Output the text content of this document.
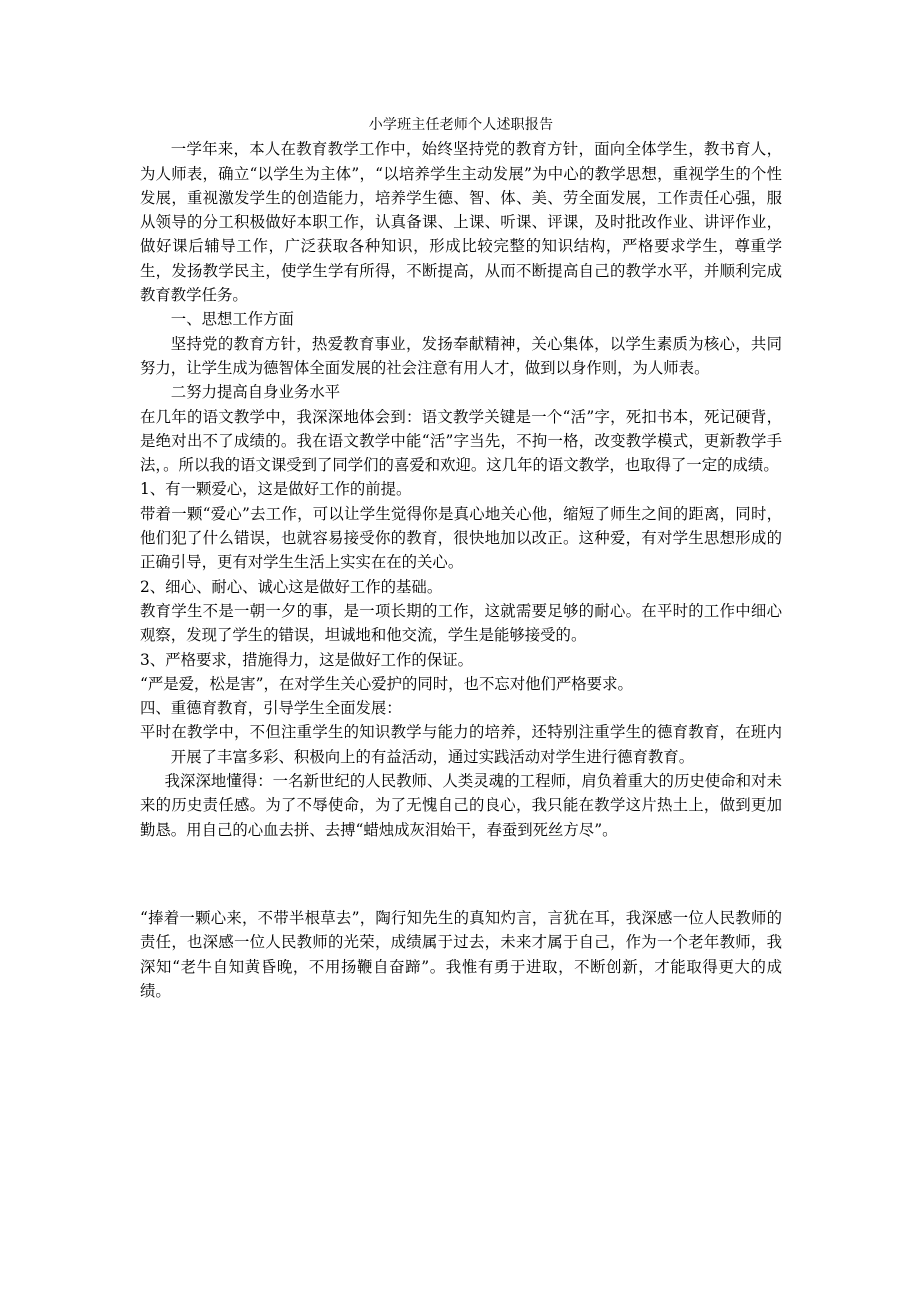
小学班主任老师个人述职报告

一学年来，本人在教育教学工作中，始终坚持党的教育方针，面向全体学生，教书育人，为人师表，确立“以学生为主体”，“以培养学生主动发展”为中心的教学思想，重视学生的个性发展，重视激发学生的创造能力，培养学生德、智、体、美、劳全面发展，工作责任心强，服从领导的分工积极做好本职工作，认真备课、上课、听课、评课，及时批改作业、讲评作业，做好课后辅导工作，广泛获取各种知识，形成比较完整的知识结构，严格要求学生，尊重学生，发扬教学民主，使学生学有所得，不断提高，从而不断提高自己的教学水平，并顺利完成教育教学任务。

一、思想工作方面

坚持党的教育方针，热爱教育事业，发扬奉献精神，关心集体，以学生素质为核心，共同努力，让学生成为德智体全面发展的社会注意有用人才，做到以身作则，为人师表。

二努力提高自身业务水平

在几年的语文教学中，我深深地体会到：语文教学关键是一个“活”字，死扣书本，死记硬背，是绝对出不了成绩的。我在语文教学中能“活”字当先，不拘一格，改变教学模式，更新教学手法，。所以我的语文课受到了同学们的喜爱和欢迎。这几年的语文教学，也取得了一定的成绩。

1、有一颗爱心，这是做好工作的前提。

带着一颗“爱心”去工作，可以让学生觉得你是真心地关心他，缩短了师生之间的距离，同时，他们犯了什么错误，也就容易接受你的教育，很快地加以改正。这种爱，有对学生思想形成的正确引导，更有对学生生活上实实在在的关心。

2、细心、耐心、诚心这是做好工作的基础。

教育学生不是一朝一夕的事，是一项长期的工作，这就需要足够的耐心。在平时的工作中细心观察，发现了学生的错误，坦诚地和他交流，学生是能够接受的。

3、严格要求，措施得力，这是做好工作的保证。

“严是爱，松是害”，在对学生关心爱护的同时，也不忘对他们严格要求。

四、重德育教育，引导学生全面发展：

平时在教学中，不但注重学生的知识教学与能力的培养，还特别注重学生的德育教育，在班内开展了丰富多彩、积极向上的有益活动，通过实践活动对学生进行德育教育。

我深深地懂得：一名新世纪的人民教师、人类灵魂的工程师，肩负着重大的历史使命和对未来的历史责任感。为了不辱使命，为了无愧自己的良心，我只能在教学这片热土上，做到更加勤恳。用自己的心血去拼、去搏“蜡烛成灰泪始干，春蚕到死丝方尽”。

“捧着一颗心来，不带半根草去”，陶行知先生的真知灼言，言犹在耳，我深感一位人民教师的责任，也深感一位人民教师的光荣，成绩属于过去，未来才属于自己，作为一个老年教师，我深知“老牛自知黄昏晚，不用扬鞭自奋蹄”。我惟有勇于进取，不断创新，才能取得更大的成绩。
